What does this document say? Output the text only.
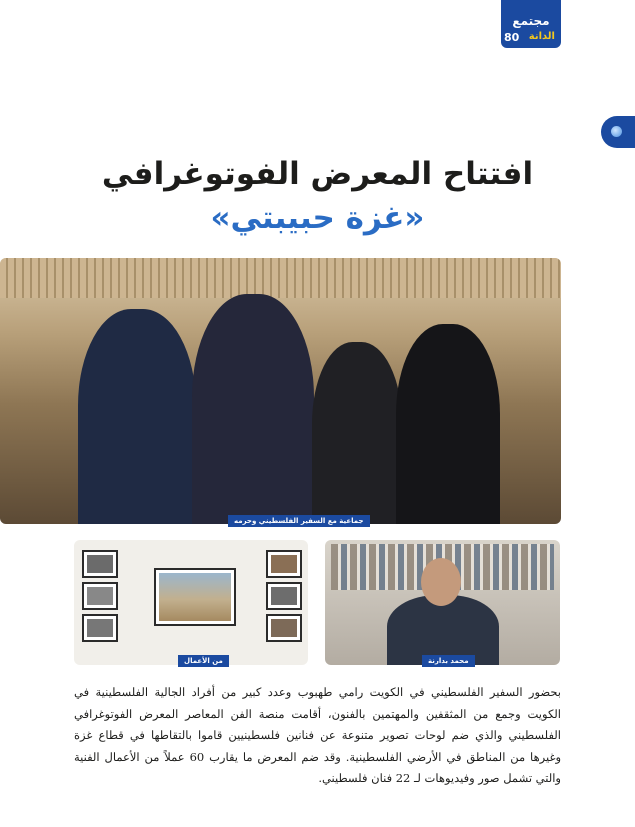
مجتمع
80 الدانة
افتتاح المعرض الفوتوغرافي
«غزة حبيبتي»
جماعية مع السفير الفلسطيني وحرمه
من الأعمال	محمد بدارنة

بحضور السفير الفلسطيني في الكويت رامي طهبوب وعدد كبير من أفراد الجالية الفلسطينية في الكويت وجمع من المثقفين والمهتمين بالفنون، أقامت منصة الفن المعاصر المعرض الفوتوغرافي الفلسطيني والذي ضم لوحات تصوير متنوعة عن فنانين فلسطينيين قاموا بالتقاطها في قطاع غزة وغيرها من المناطق في الأرضي الفلسطينية. وقد ضم المعرض ما يقارب 60 عملاً من الأعمال الفنية والتي تشمل صور وفيديوهات لـ 22 فنان فلسطيني.
